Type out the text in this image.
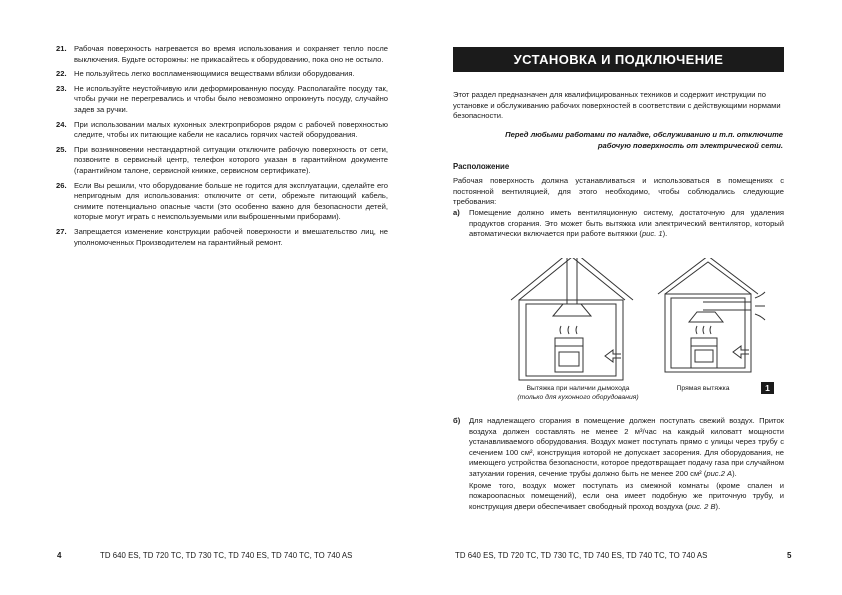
21. Рабочая поверхность нагревается во время использования и сохраняет тепло после выключения. Будьте осторожны: не прикасайтесь к оборудованию, пока оно не остыло.
22. Не пользуйтесь легко воспламеняющимися веществами вблизи оборудования.
23. Не используйте неустойчивую или деформированную посуду. Располагайте посуду так, чтобы ручки не перегревались и чтобы было невозможно опрокинуть посуду, случайно задев за ручки.
24. При использовании малых кухонных электроприборов рядом с рабочей поверхностью следите, чтобы их питающие кабели не касались горячих частей оборудования.
25. При возникновении нестандартной ситуации отключите рабочую поверхность от сети, позвоните в сервисный центр, телефон которого указан в гарантийном документе (гарантийном талоне, сервисной книжке, сервисном сертификате).
26. Если Вы решили, что оборудование больше не годится для эксплуатации, сделайте его непригодным для использования: отключите от сети, обрежьте питающий кабель, снимите потенциально опасные части (это особенно важно для безопасности детей, которые могут играть с неиспользуемыми или выброшенными приборами).
27. Запрещается изменение конструкции рабочей поверхности и вмешательство лиц, не уполномоченных Производителем на гарантийный ремонт.
4	TD 640 ES, TD 720 TC, TD 730 TC, TD 740 ES, TD 740 TC, TO 740 AS
УСТАНОВКА И ПОДКЛЮЧЕНИЕ
Этот раздел предназначен для квалифицированных техников и содержит инструкции по установке и обслуживанию рабочих поверхностей в соответствии с действующими нормами безопасности.
Перед любыми работами по наладке, обслуживанию и т.п. отключите рабочую поверхность от электрической сети.
Расположение
Рабочая поверхность должна устанавливаться и использоваться в помещениях с постоянной вентиляцией, для этого необходимо, чтобы соблюдались следующие требования:
а)	Помещение должно иметь вентиляционную систему, достаточную для удаления продуктов сгорания. Это может быть вытяжка или электрический вентилятор, который автоматически включается при работе вытяжки (рис. 1).
Вытяжка при наличии дымохода
(только для кухонного оборудования)
Прямая вытяжка	1
б)	Для надлежащего сгорания в помещение должен поступать свежий воздух. Приток воздуха должен составлять не менее 2 м³/час на каждый киловатт мощности устанавливаемого оборудования. Воздух может поступать прямо с улицы через трубу с сечением 100 см², конструкция которой не допускает засорения. Для оборудования, не имеющего устройства безопасности, которое предотвращает подачу газа при случайном затухании горения, сечение трубы должно быть не менее 200 см² (рис.2 А).
Кроме того, воздух может поступать из смежной комнаты (кроме спален и пожароопасных помещений), если она имеет подобную же приточную трубу, и конструкция двери обеспечивает свободный проход воздуха (рис. 2 В).
TD 640 ES, TD 720 TC, TD 730 TC, TD 740 ES, TD 740 TC, TO 740 AS	5
